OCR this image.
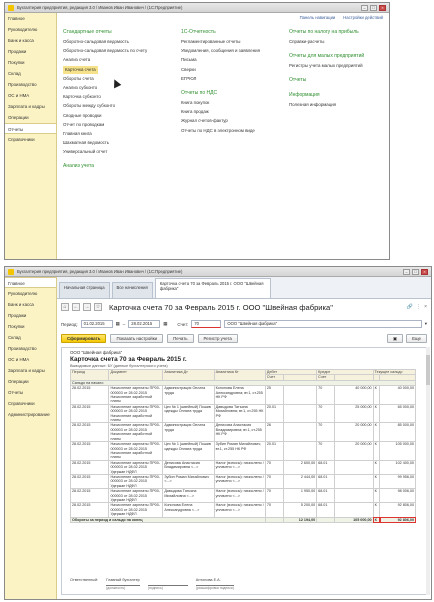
Бухгалтерия предприятия, редакция 3.0 / Иванов Иван Иванович / (1С:Предприятие)	–	□	×
Главное
Руководителю
Банк и касса
Продажи
Покупки
Склад
Производство
ОС и НМА
Зарплата и кадры
Операции
Отчеты
Справочники
Панель навигации Настройки действий
Стандартные отчеты
Оборотно-сальдовая ведомость
Оборотно-сальдовая ведомость по счету
Анализ счета
Карточка счета
Обороты счета
Анализ субконто
Карточка субконто
Обороты между субконто
Сводные проводки
Отчет по проводкам
Главная книга
Шахматная ведомость
Универсальный отчет
Анализ учета
1С-Отчетность
Регламентированные отчеты
Уведомления, сообщения и заявления
Письма
Сверки
ЕГРЮЛ
Отчеты по НДС
Книга покупок
Книга продаж
Журнал счетов-фактур
Отчеты по НДС в электронном виде
Отчеты по налогу на прибыль
Справки-расчеты
Отчеты для малых предприятий
Регистры учета малых предприятий
Отчеты
Информация
Полезная информация
Бухгалтерия предприятия, редакция 3.0 / Иванов Иван Иванович / (1С:Предприятие)	–	□	×
Главное
Руководителю
Банк и касса
Продажи
Покупки
Склад
Производство
ОС и НМА
Зарплата и кадры
Операции
Отчеты
Справочники
Администрирование
Начальная страница	Все начисления
Карточка счета 70 за Февраль 2015 г. ООО "Швейная фабрика"
⌂	←	→	☆ Карточка счета 70 за Февраль 2015 г. ООО "Швейная фабрика"	🔗 ⋮ ×
Период:	01.02.2015	▦ –	28.02.2015	▦ Счет:	70	ООО "Швейная фабрика"	▾
Сформировать	Показать настройки	Печать	Регистр учета	▣	Еще
ООО "Швейная фабрика"
Карточка счета 70 за Февраль 2015 г.
Выводимые данные: БУ (данные бухгалтерского учета)
Период	Документ	Аналитика Дт	Аналитика Кт	Дебет		Кредит		Текущее сальдо	
				Счет		Счет			
Сальдо на начало									
28.02.2015	Начисление зарплаты ПР00-000003 от 28.02.2015 Начисление заработной платы	Администрация Оплата труда	Кононова Елена Александровна; вт.1, ст.255 НК РФ	25		70	40 000,00	К	40 000,00
28.02.2015	Начисление зарплаты ПР00-000003 от 28.02.2015 Начисление заработной платы	Цех № 1 (швейный) Пошив одежды Оплата труда	Давыдова Татьяна Михайловна; вт.1, ст.255 НК РФ	20.01		70	25 000,00	К	65 000,00
28.02.2015	Начисление зарплаты ПР00-000003 от 28.02.2015 Начисление заработной платы	Администрация Оплата труда	Денисова Анастасия Владимировна; вт.1, ст.255 НК РФ	26		70	20 000,00	К	85 000,00
28.02.2015	Начисление зарплаты ПР00-000003 от 28.02.2015 Начисление заработной платы	Цех № 1 (швейный) Пошив одежды Оплата труда	Зубин Роман Михайлович; вт.1, ст.255 НК РФ	20.01		70	20 000,00	К	105 000,00
28.02.2015	Начисление зарплаты ПР00-000003 от 28.02.2015 Удержан НДФЛ	Денисова Анастасия Владимировна <...>	Налог (взносы): начислено / уплачено <...>	70	2 600,00	68.01		К	102 400,00
28.02.2015	Начисление зарплаты ПР00-000003 от 28.02.2015 Удержан НДФЛ	Зубин Роман Михайлович <...>	Налог (взносы): начислено / уплачено <...>	70	2 444,00	68.01		К	99 956,00
28.02.2015	Начисление зарплаты ПР00-000003 от 28.02.2015 Удержан НДФЛ	Давыдова Татьяна Михайловна <...>	Налог (взносы): начислено / уплачено <...>	70	1 950,00	68.01		К	98 006,00
28.02.2015	Начисление зарплаты ПР00-000003 от 28.02.2015 Удержан НДФЛ	Кононова Елена Александровна <...>	Налог (взносы): начислено / уплачено <...>	70	5 200,00	68.01		К	92 806,00
Обороты за период и сальдо на конец					12 194,00		105 000,00	К	92 806,00
Ответственный: Главный бухгалтер
(должность)
	(подпись)
Антонова Е.А.
(расшифровка подписи)
